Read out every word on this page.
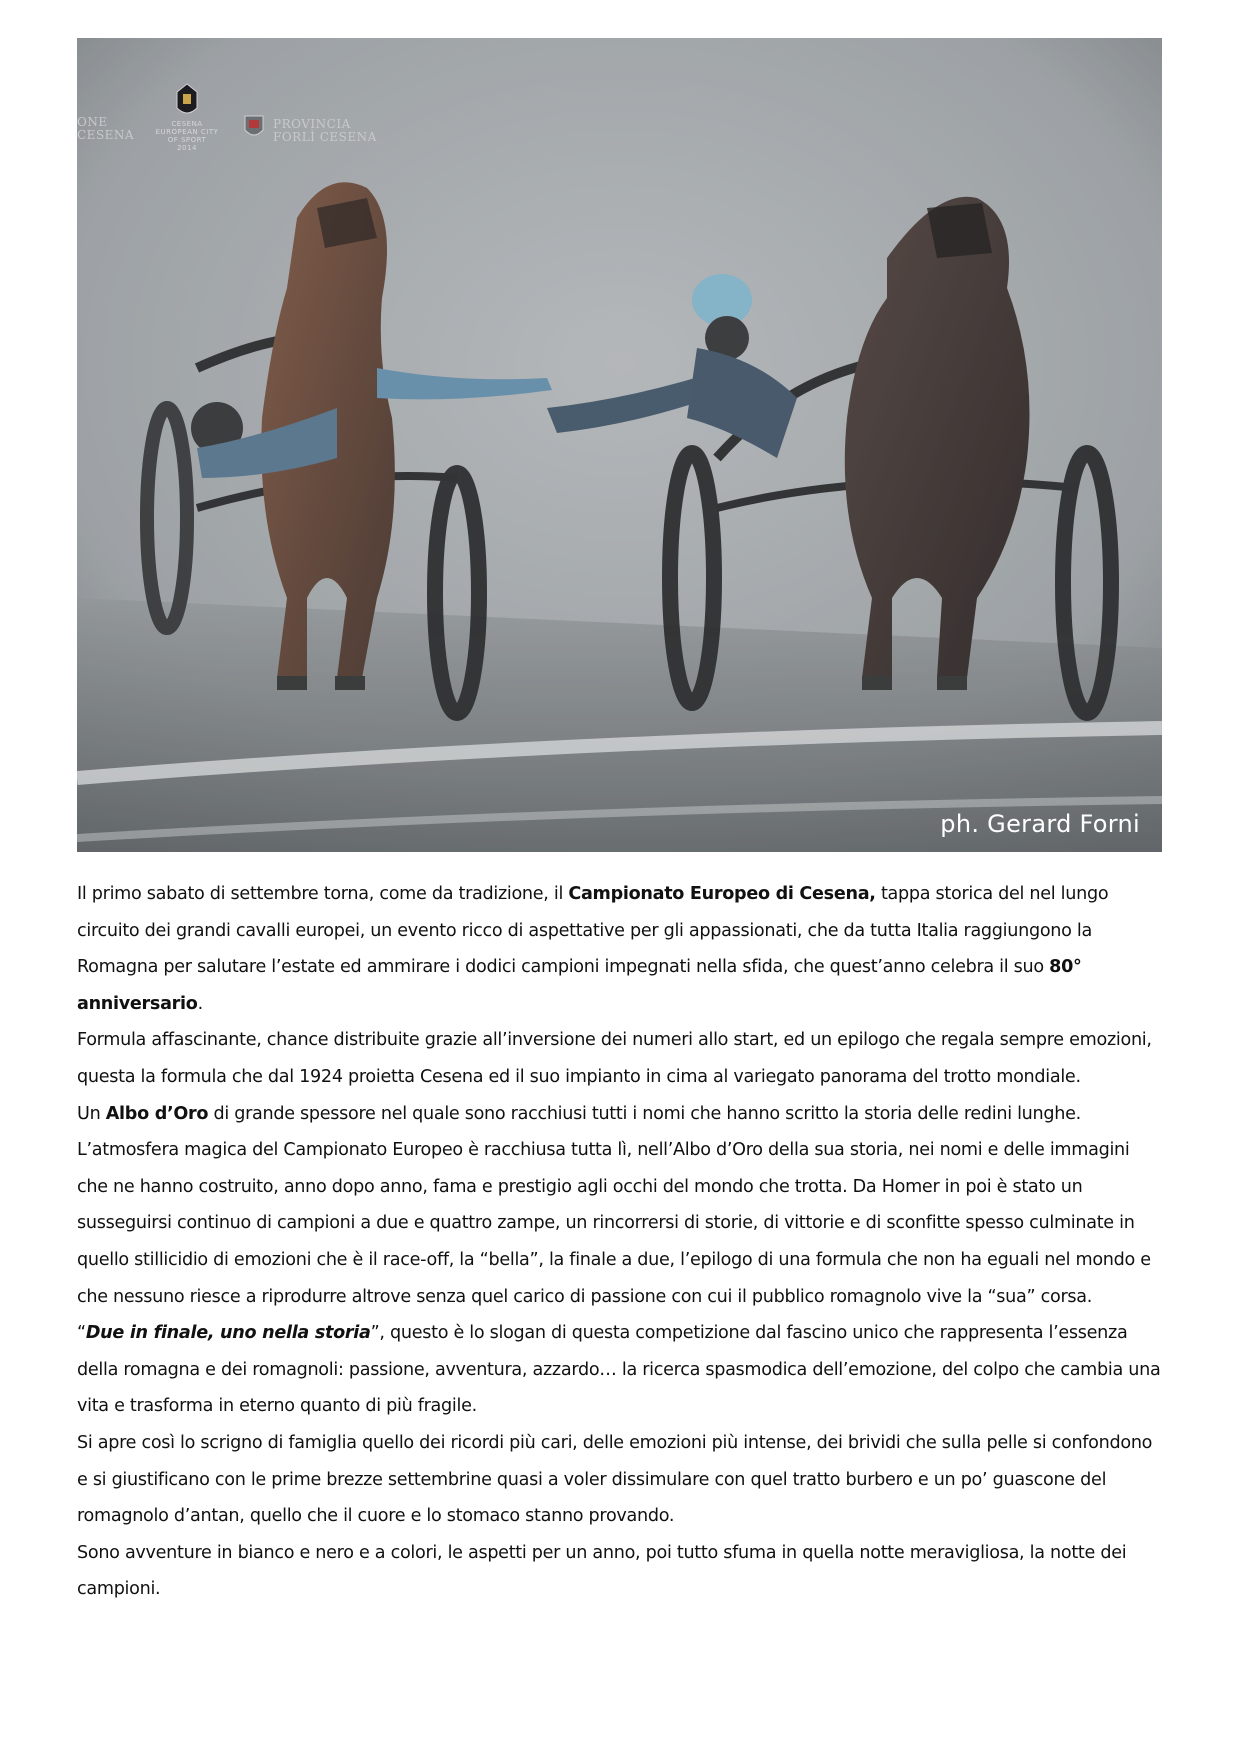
ONE
CESENA
CESENA
EUROPEAN CITY
OF SPORT
2014
PROVINCIA
FORLÌ CESENA
ph. Gerard Forni

Il primo sabato di settembre torna, come da tradizione, il Campionato Europeo di Cesena, tappa storica del nel lungo circuito dei grandi cavalli europei, un evento ricco di aspettative per gli appassionati, che da tutta Italia raggiungono la Romagna per salutare l’estate ed ammirare i dodici campioni impegnati nella sfida, che quest’anno celebra il suo 80° anniversario.

Formula affascinante, chance distribuite grazie all’inversione dei numeri allo start, ed un epilogo che regala sempre emozioni, questa la formula che dal 1924 proietta Cesena ed il suo impianto in cima al variegato panorama del trotto mondiale.

Un Albo d’Oro di grande spessore nel quale sono racchiusi tutti i nomi che hanno scritto la storia delle redini lunghe.

L’atmosfera magica del Campionato Europeo è racchiusa tutta lì, nell’Albo d’Oro della sua storia, nei nomi e delle immagini che ne hanno costruito, anno dopo anno, fama e prestigio agli occhi del mondo che trotta. Da Homer in poi è stato un susseguirsi continuo di campioni a due e quattro zampe, un rincorrersi di storie, di vittorie e di sconfitte spesso culminate in quello stillicidio di emozioni che è il race-off, la “bella”, la finale a due, l’epilogo di una formula che non ha eguali nel mondo e che nessuno riesce a riprodurre altrove senza quel carico di passione con cui il pubblico romagnolo vive la “sua” corsa.

“Due in finale, uno nella storia”, questo è lo slogan di questa competizione dal fascino unico che rappresenta l’essenza della romagna e dei romagnoli: passione, avventura, azzardo… la ricerca spasmodica dell’emozione, del colpo che cambia una vita e trasforma in eterno quanto di più fragile.

Si apre così lo scrigno di famiglia quello dei ricordi più cari, delle emozioni più intense, dei brividi che sulla pelle si confondono e si giustificano con le prime brezze settembrine quasi a voler dissimulare con quel tratto burbero e un po’ guascone del romagnolo d’antan, quello che il cuore e lo stomaco stanno provando.

Sono avventure in bianco e nero e a colori, le aspetti per un anno, poi tutto sfuma in quella notte meravigliosa, la notte dei campioni.
